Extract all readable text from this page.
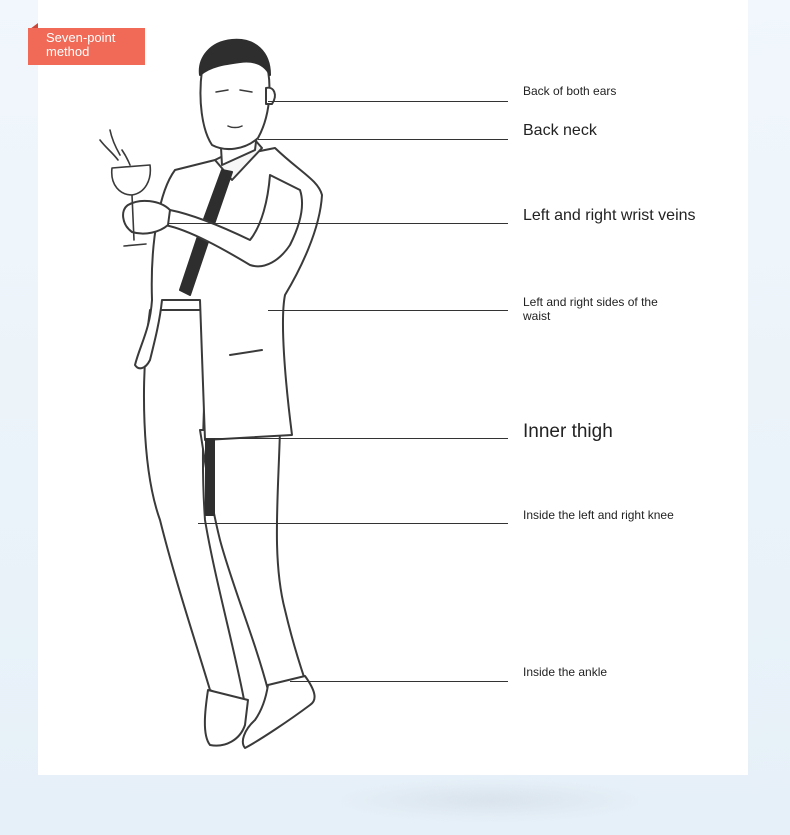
Seven-point method
Back of both ears
Back neck
Left and right wrist veins
Left and right sides of the waist
Inner thigh
Inside the left and right knee
Inside the ankle
